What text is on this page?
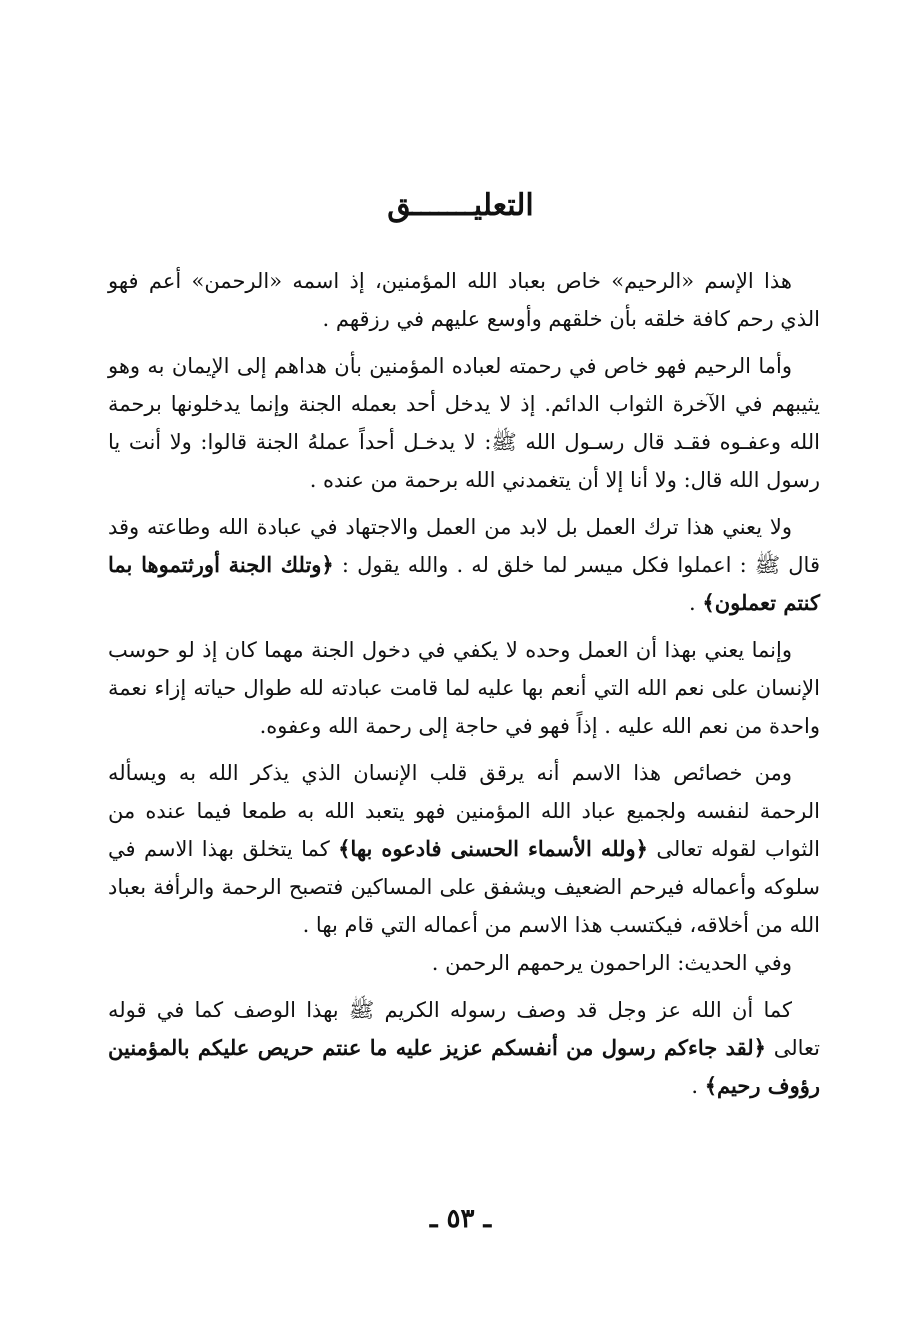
التعليـــــــق

هذا الإسم «الرحيم» خاص بعباد الله المؤمنين، إذ اسمه «الرحمن» أعم فهو الذي رحم كافة خلقه بأن خلقهم وأوسع عليهم في رزقهم .

وأما الرحيم فهو خاص في رحمته لعباده المؤمنين بأن هداهم إلى الإيمان به وهو يثيبهم في الآخرة الثواب الدائم. إذ لا يدخل أحد بعمله الجنة وإنما يدخلونها برحمة الله وعفـوه فقـد قال رسـول الله ﷺ: لا يدخـل أحداً عملهُ الجنة قالوا: ولا أنت يا رسول الله قال: ولا أنا إلا أن يتغمدني الله برحمة من عنده .

ولا يعني هذا ترك العمل بل لابد من العمل والاجتهاد في عبادة الله وطاعته وقد قال ﷺ : اعملوا فكل ميسر لما خلق له . والله يقول : ﴿وتلك الجنة أورثتموها بما كنتم تعملون﴾ .

وإنما يعني بهذا أن العمل وحده لا يكفي في دخول الجنة مهما كان إذ لو حوسب الإنسان على نعم الله التي أنعم بها عليه لما قامت عبادته لله طوال حياته إزاء نعمة واحدة من نعم الله عليه . إذاً فهو في حاجة إلى رحمة الله وعفوه.

ومن خصائص هذا الاسم أنه يرقق قلب الإنسان الذي يذكر الله به ويسأله الرحمة لنفسه ولجميع عباد الله المؤمنين فهو يتعبد الله به طمعا فيما عنده من الثواب لقوله تعالى ﴿ولله الأسماء الحسنى فادعوه بها﴾ كما يتخلق بهذا الاسم في سلوكه وأعماله فيرحم الضعيف ويشفق على المساكين فتصبح الرحمة والرأفة بعباد الله من أخلاقه، فيكتسب هذا الاسم من أعماله التي قام بها .

وفي الحديث: الراحمون يرحمهم الرحمن .

كما أن الله عز وجل قد وصف رسوله الكريم ﷺ بهذا الوصف كما في قوله تعالى ﴿لقد جاءكم رسول من أنفسكم عزيز عليه ما عنتم حريص عليكم بالمؤمنين رؤوف رحيم﴾ .

ـ ٥٣ ـ
